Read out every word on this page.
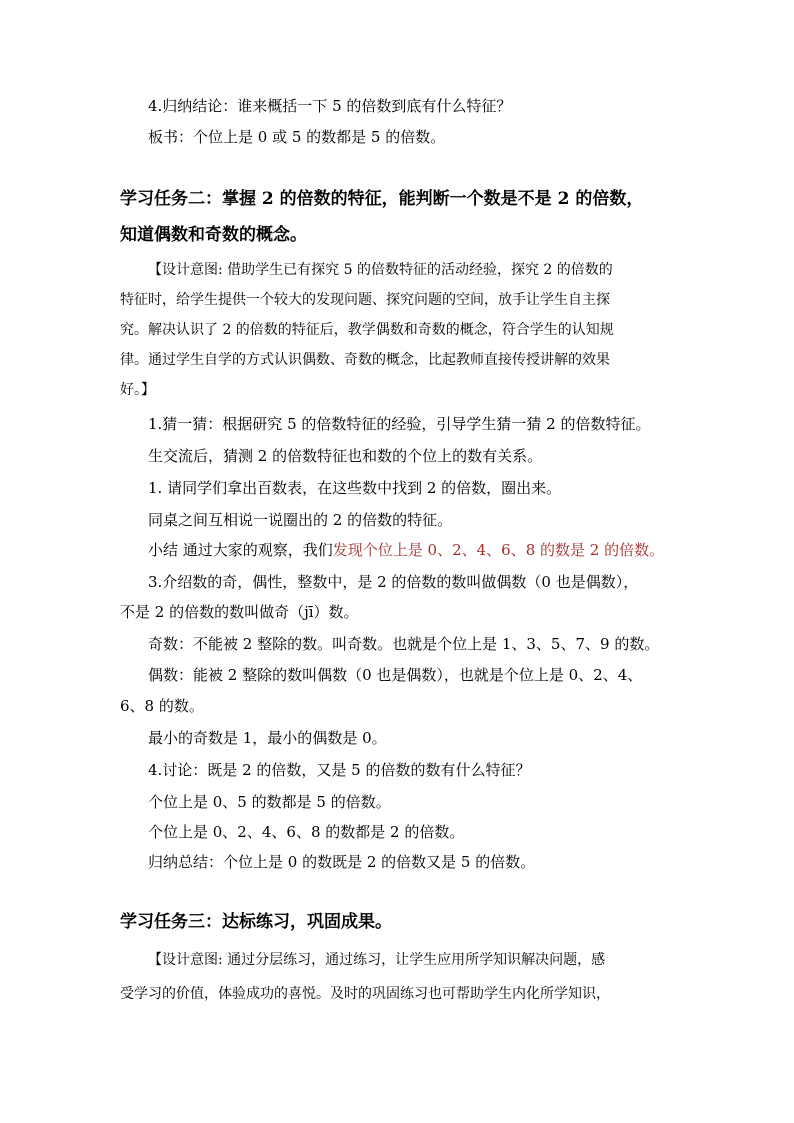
4.归纳结论：谁来概括一下 5 的倍数到底有什么特征？
板书：个位上是 0 或 5 的数都是 5 的倍数。
学习任务二：掌握 2 的倍数的特征，能判断一个数是不是 2 的倍数，
知道偶数和奇数的概念。
【设计意图: 借助学生已有探究 5 的倍数特征的活动经验，探究 2 的倍数的
特征时，给学生提供一个较大的发现问题、探究问题的空间，放手让学生自主探
究。解决认识了 2 的倍数的特征后，教学偶数和奇数的概念，符合学生的认知规
律。通过学生自学的方式认识偶数、奇数的概念，比起教师直接传授讲解的效果
好。】
1.猜一猜：根据研究 5 的倍数特征的经验，引导学生猜一猜 2 的倍数特征。
生交流后，猜测 2 的倍数特征也和数的个位上的数有关系。
1. 请同学们拿出百数表，在这些数中找到 2 的倍数，圈出来。
同桌之间互相说一说圈出的 2 的倍数的特征。
小结 通过大家的观察，我们发现个位上是 0、2、4、6、8 的数是 2 的倍数。
3.介绍数的奇，偶性，整数中，是 2 的倍数的数叫做偶数（0 也是偶数），
不是 2 的倍数的数叫做奇（jī）数。
奇数：不能被 2 整除的数。叫奇数。也就是个位上是 1、3、5、7、9 的数。
偶数：能被 2 整除的数叫偶数（0 也是偶数），也就是个位上是 0、2、4、
6、8 的数。
最小的奇数是 1，最小的偶数是 0。
4.讨论：既是 2 的倍数，又是 5 的倍数的数有什么特征？
个位上是 0、5 的数都是 5 的倍数。
个位上是 0、2、4、6、8 的数都是 2 的倍数。
归纳总结：个位上是 0 的数既是 2 的倍数又是 5 的倍数。
学习任务三：达标练习，巩固成果。
【设计意图: 通过分层练习，通过练习，让学生应用所学知识解决问题，感
受学习的价值，体验成功的喜悦。及时的巩固练习也可帮助学生内化所学知识，
